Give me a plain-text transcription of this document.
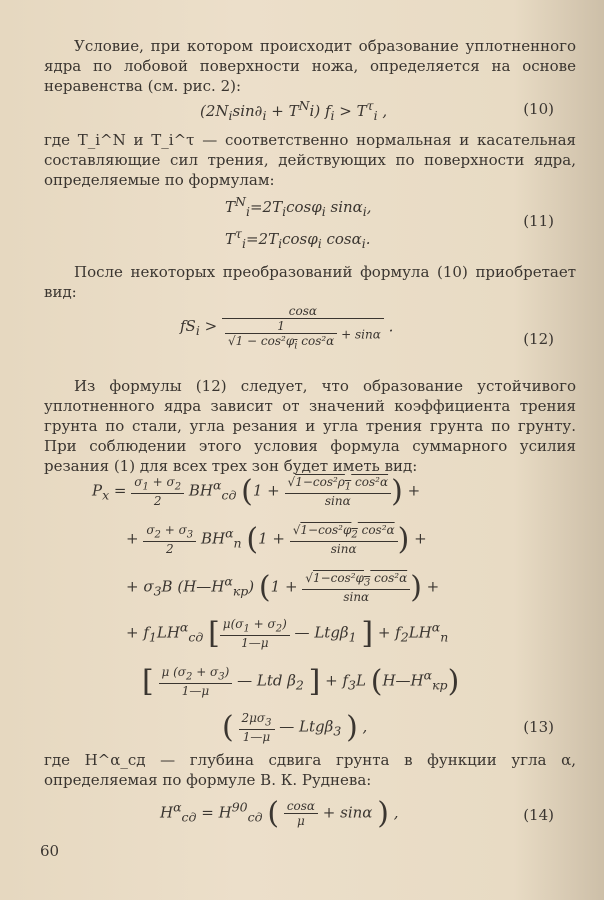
Условие, при котором происходит образование уплотненного ядра по лобовой поверхности ножа, определяется на основе неравенства (см. рис. 2):

$(2N_i\sin\partial_i + T^Ni) f_i > T^\tau_i$ ,	(10)

где T_i^N и T_i^τ — соответственно нормальная и касательная составляющие сил трения, действующих по поверхности ядра, определяемые по формулам:

$T^N_i=2T_i\cos\varphi_i$ sinα$_i$,
$T^\tau_i=2T_i\cos\varphi_i$ cosα$_i$.
(11)

После некоторых преобразований формула (10) приобретает вид:

$fS_i > \frac{\cos\alpha}{\frac{1}{√1 - \cos^2\varphi_i \cos^2\alpha} + \sin\alpha}$ .
(12)

Из формулы (12) следует, что образование устойчивого уплотненного ядра зависит от значений коэффициента трения грунта по стали, угла резания и угла трения грунта по грунту. При соблюдении этого условия формула суммарного усилия резания (1) для всех трех зон будет иметь вид:

$P_x = \frac{\sigma_1 + \sigma_2}{2} BH^\alpha_{сд}$ ($1 + \frac{√1-\cos^2\rho_1 \cos^2\alpha}{\sin\alpha}$ ) +
+ $\frac{\sigma_2 + \sigma_3}{2} BH^\alpha_n$ ($1 + \frac{√1-\cos^2\varphi_2 \cos^2\alpha}{\sin\alpha}$ ) +
+ $\sigma_3B$ $(H—H^\alpha_{кр}) (1 + \frac{√1-\cos^2\varphi_3 \cos^2\alpha}{\sin\alpha}$ ) +
+ $f_1LH^\alpha_{сд}$ [ $\frac{\mu(\sigma_1 + \sigma_2)}{1—\mu}$ — Ltgβ$_1$ ] + $f_2LH^\alpha_n$
[ $\frac{\mu (\sigma_2 + \sigma_3)}{1—\mu}$ — Ltd $\beta_2$ ] + $f_3L$ $(H—H^\alpha_{кр})$
( $\frac{2\mu\sigma_3}{1—\mu}$ — Ltgβ$_3$ ) ,	(13)

где H^α_сд — глубина сдвига грунта в функции угла α, определяемая по формуле В. К. Руднева:

$H^\alpha_{сд} = H^{90}_{сд}$ ( $\frac{\cos\alpha}{\mu} + \sin\alpha$ ) ,	(14)
60
